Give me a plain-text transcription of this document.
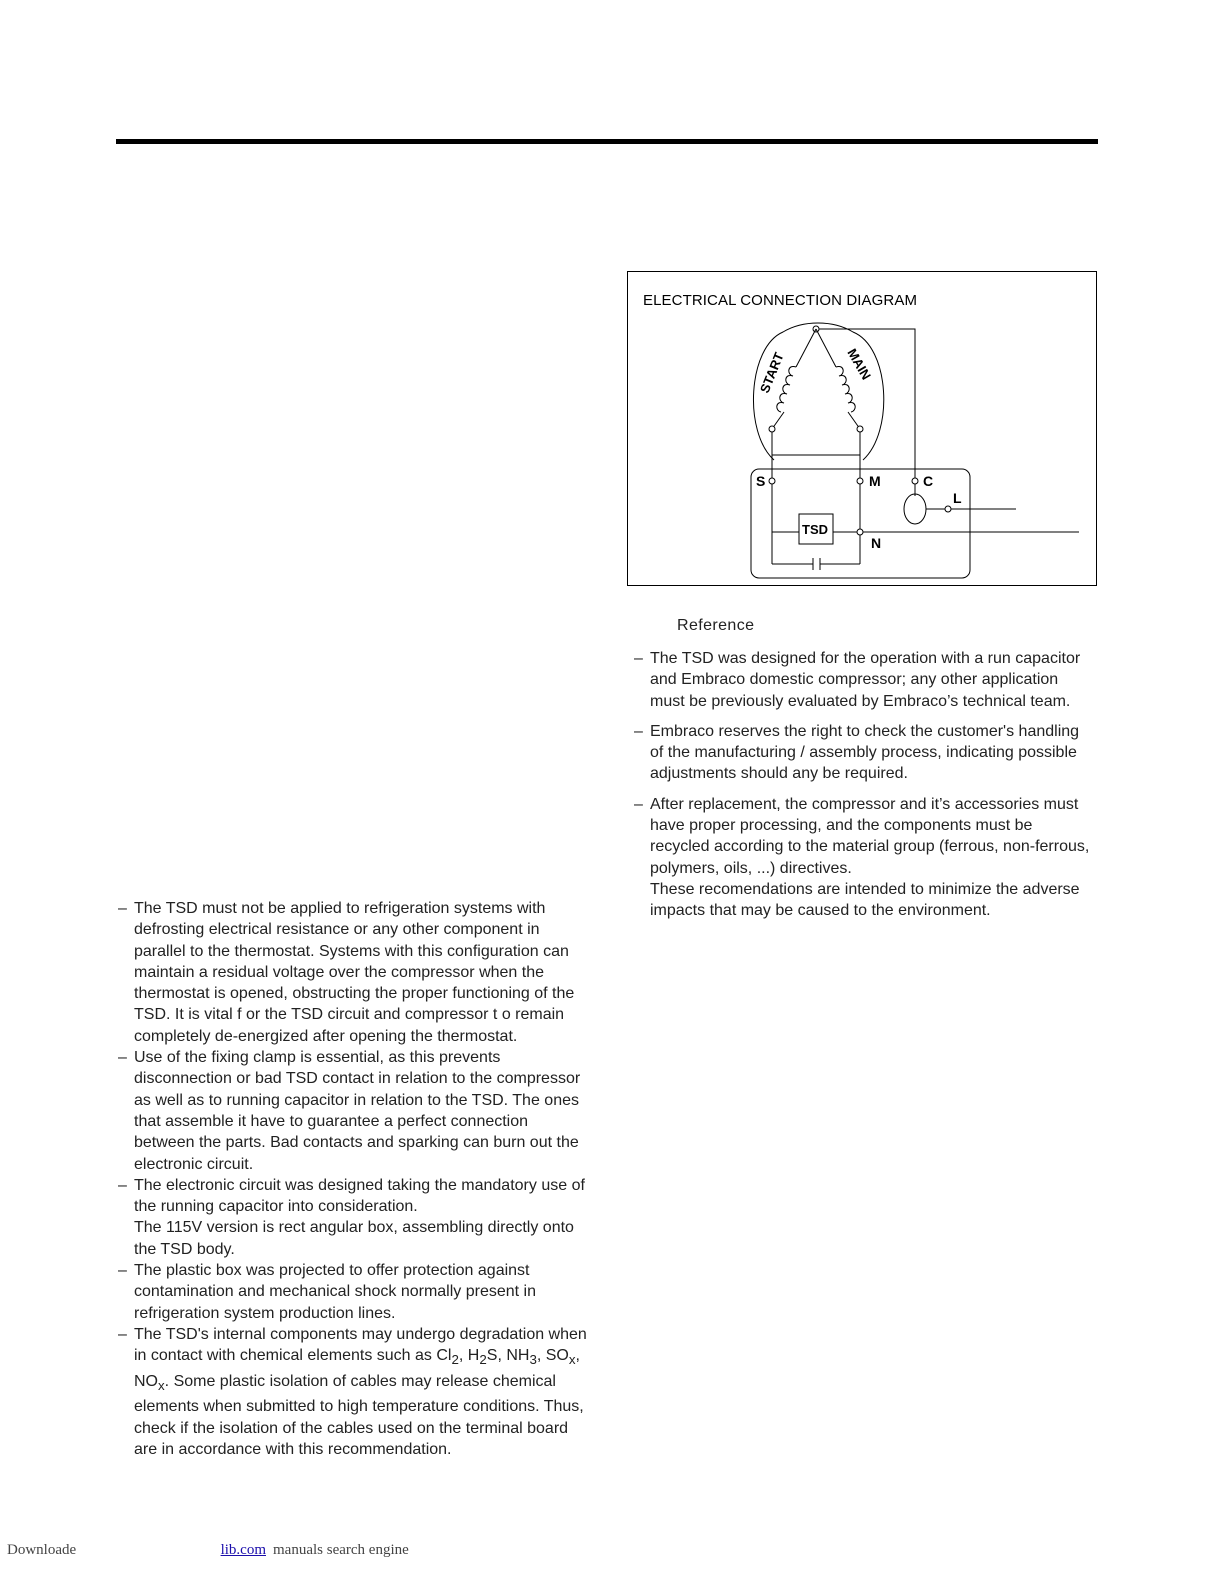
ELECTRICAL CONNECTION DIAGRAM
START	MAIN
S	M	C
L
N
TSD
Reference
– The TSD was designed for the operation with a run capacitor and Embraco domestic compressor; any other application must be previously evaluated by Embraco’s technical team.
– Embraco reserves the right to check the customer's handling of the manufacturing / assembly process, indicating possible adjustments should any be required.
– After replacement, the compressor and it’s accessories must have proper processing, and the components must be recycled according to the material group (ferrous, non-ferrous, polymers, oils, ...) directives.
These recomendations are intended to minimize the adverse impacts that may be caused to the environment.
– The TSD must not be applied to refrigeration systems with defrosting electrical resistance or any other component in parallel to the thermostat. Systems with this configuration can maintain a residual voltage over the compressor when the thermostat is opened, obstructing the proper functioning of the TSD. It is vital f or the TSD circuit and compressor t o remain completely de-energized after opening the thermostat.
– Use of the fixing clamp is essential, as this prevents disconnection or bad TSD contact in relation to the compressor as well as to running capacitor in relation to the TSD. The ones that assemble it have to guarantee a perfect connection between the parts. Bad contacts and sparking can burn out the electronic circuit.
– The electronic circuit was designed taking the mandatory use of the running capacitor into consideration.
The 115V version is rect angular box, assembling directly onto the TSD body.
– The plastic box was projected to offer protection against contamination and mechanical shock normally present in refrigeration system production lines.
– The TSD's internal components may undergo degradation when in contact with chemical elements such as $Cl_2$, $H_2S$, $NH_3$, $SO_x$, $NO_x$. Some plastic isolation of cables may release chemical elements when submitted to high temperature conditions. Thus, check if the isolation of the cables used on the terminal board are in accordance with this recommendation.
Downloade	lib.com manuals search engine
